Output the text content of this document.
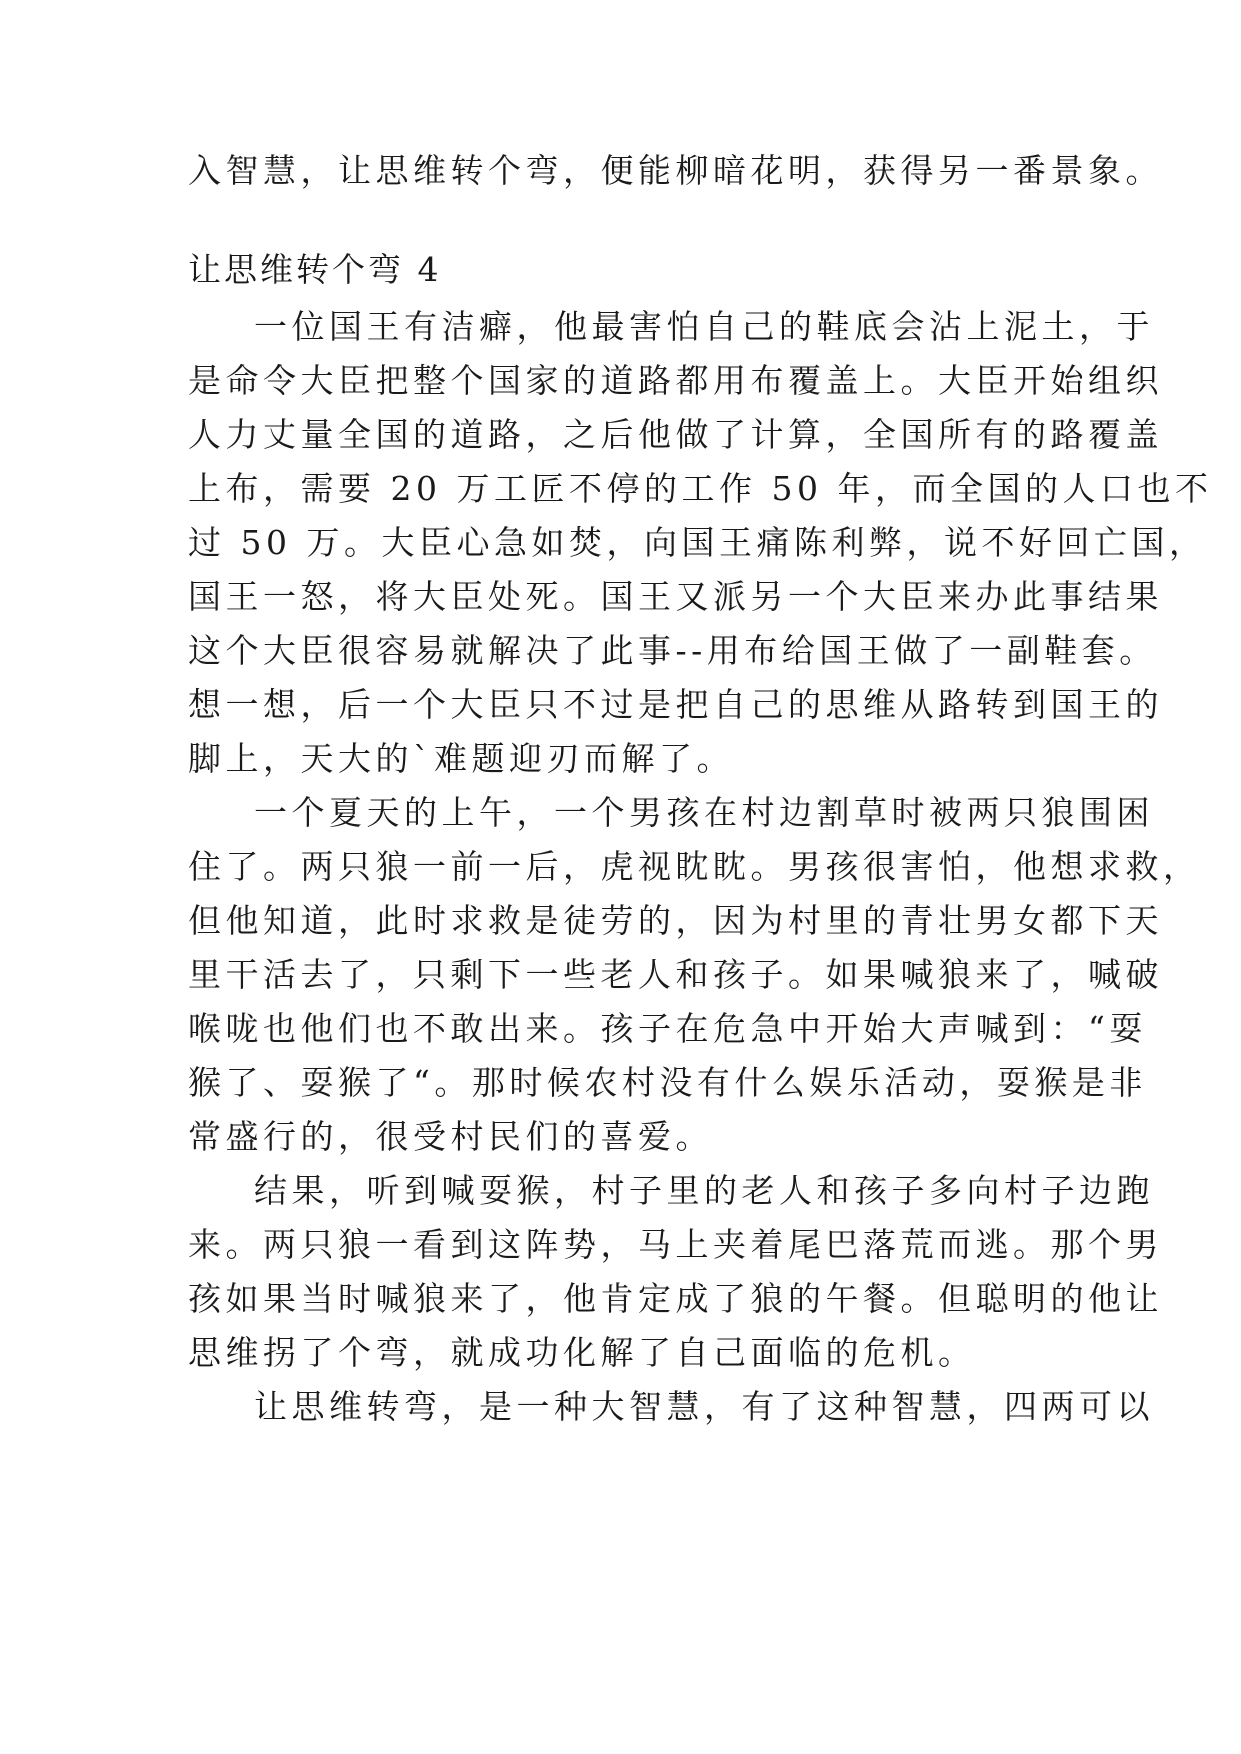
入智慧，让思维转个弯，便能柳暗花明，获得另一番景象。
让思维转个弯 4
一位国王有洁癖，他最害怕自己的鞋底会沾上泥土，于
是命令大臣把整个国家的道路都用布覆盖上。大臣开始组织
人力丈量全国的道路，之后他做了计算，全国所有的路覆盖
上布，需要 20 万工匠不停的工作 50 年，而全国的人口也不
过 50 万。大臣心急如焚，向国王痛陈利弊，说不好回亡国，
国王一怒，将大臣处死。国王又派另一个大臣来办此事结果
这个大臣很容易就解决了此事--用布给国王做了一副鞋套。
想一想，后一个大臣只不过是把自己的思维从路转到国王的
脚上，天大的`难题迎刃而解了。
一个夏天的上午，一个男孩在村边割草时被两只狼围困
住了。两只狼一前一后，虎视眈眈。男孩很害怕，他想求救，
但他知道，此时求救是徒劳的，因为村里的青壮男女都下天
里干活去了，只剩下一些老人和孩子。如果喊狼来了，喊破
喉咙也他们也不敢出来。孩子在危急中开始大声喊到：“耍
猴了、耍猴了“。那时候农村没有什么娱乐活动，耍猴是非
常盛行的，很受村民们的喜爱。
结果，听到喊耍猴，村子里的老人和孩子多向村子边跑
来。两只狼一看到这阵势，马上夹着尾巴落荒而逃。那个男
孩如果当时喊狼来了，他肯定成了狼的午餐。但聪明的他让
思维拐了个弯，就成功化解了自己面临的危机。
让思维转弯，是一种大智慧，有了这种智慧，四两可以
